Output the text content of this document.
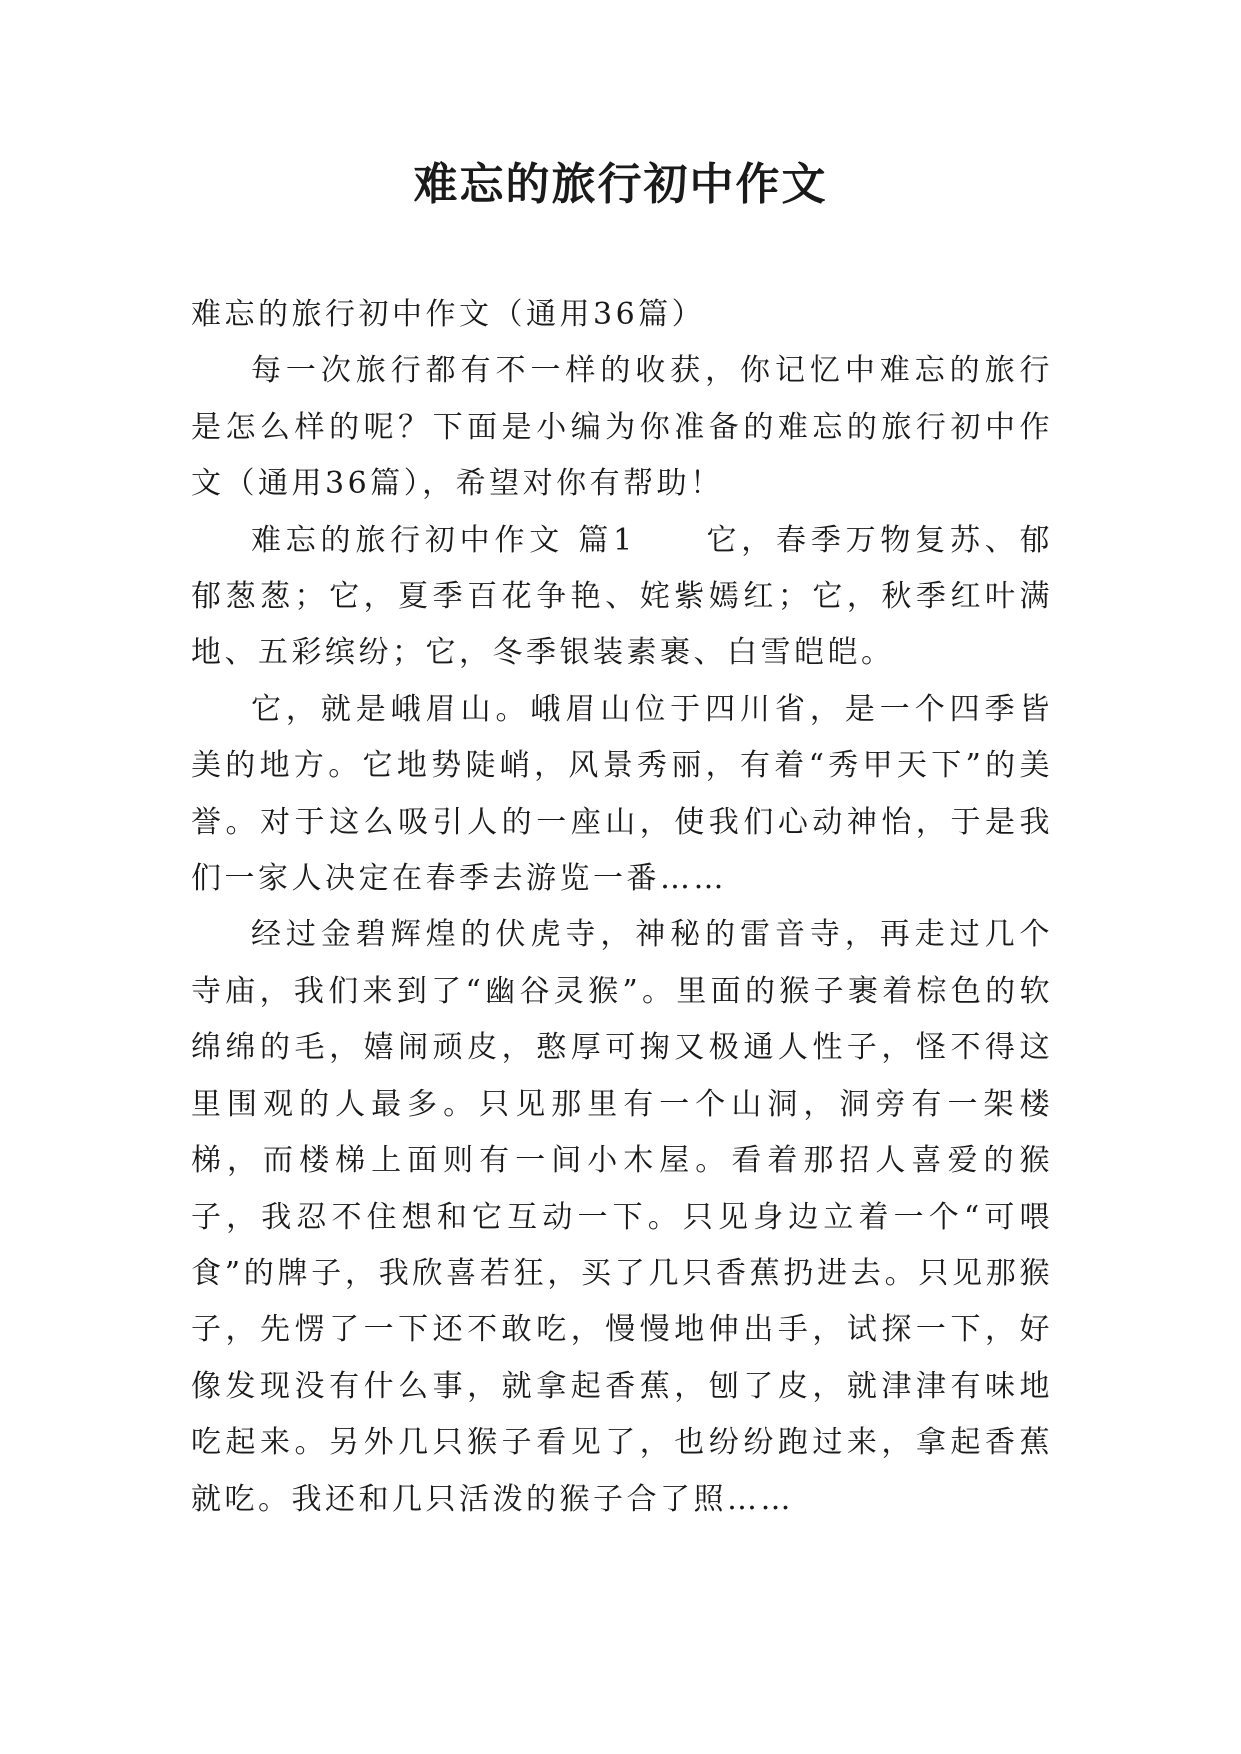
难忘的旅行初中作文

难忘的旅行初中作文（通用36篇）

每一次旅行都有不一样的收获，你记忆中难忘的旅行是怎么样的呢？下面是小编为你准备的难忘的旅行初中作文（通用36篇），希望对你有帮助！

难忘的旅行初中作文 篇1　　它，春季万物复苏、郁郁葱葱；它，夏季百花争艳、姹紫嫣红；它，秋季红叶满地、五彩缤纷；它，冬季银装素裹、白雪皑皑。

它，就是峨眉山。峨眉山位于四川省，是一个四季皆美的地方。它地势陡峭，风景秀丽，有着“秀甲天下”的美誉。对于这么吸引人的一座山，使我们心动神怡，于是我们一家人决定在春季去游览一番……

经过金碧辉煌的伏虎寺，神秘的雷音寺，再走过几个寺庙，我们来到了“幽谷灵猴”。里面的猴子裹着棕色的软绵绵的毛，嬉闹顽皮，憨厚可掬又极通人性子，怪不得这里围观的人最多。只见那里有一个山洞，洞旁有一架楼梯，而楼梯上面则有一间小木屋。看着那招人喜爱的猴子，我忍不住想和它互动一下。只见身边立着一个“可喂食”的牌子，我欣喜若狂，买了几只香蕉扔进去。只见那猴子，先愣了一下还不敢吃，慢慢地伸出手，试探一下，好像发现没有什么事，就拿起香蕉，刨了皮，就津津有味地吃起来。另外几只猴子看见了，也纷纷跑过来，拿起香蕉就吃。我还和几只活泼的猴子合了照……
